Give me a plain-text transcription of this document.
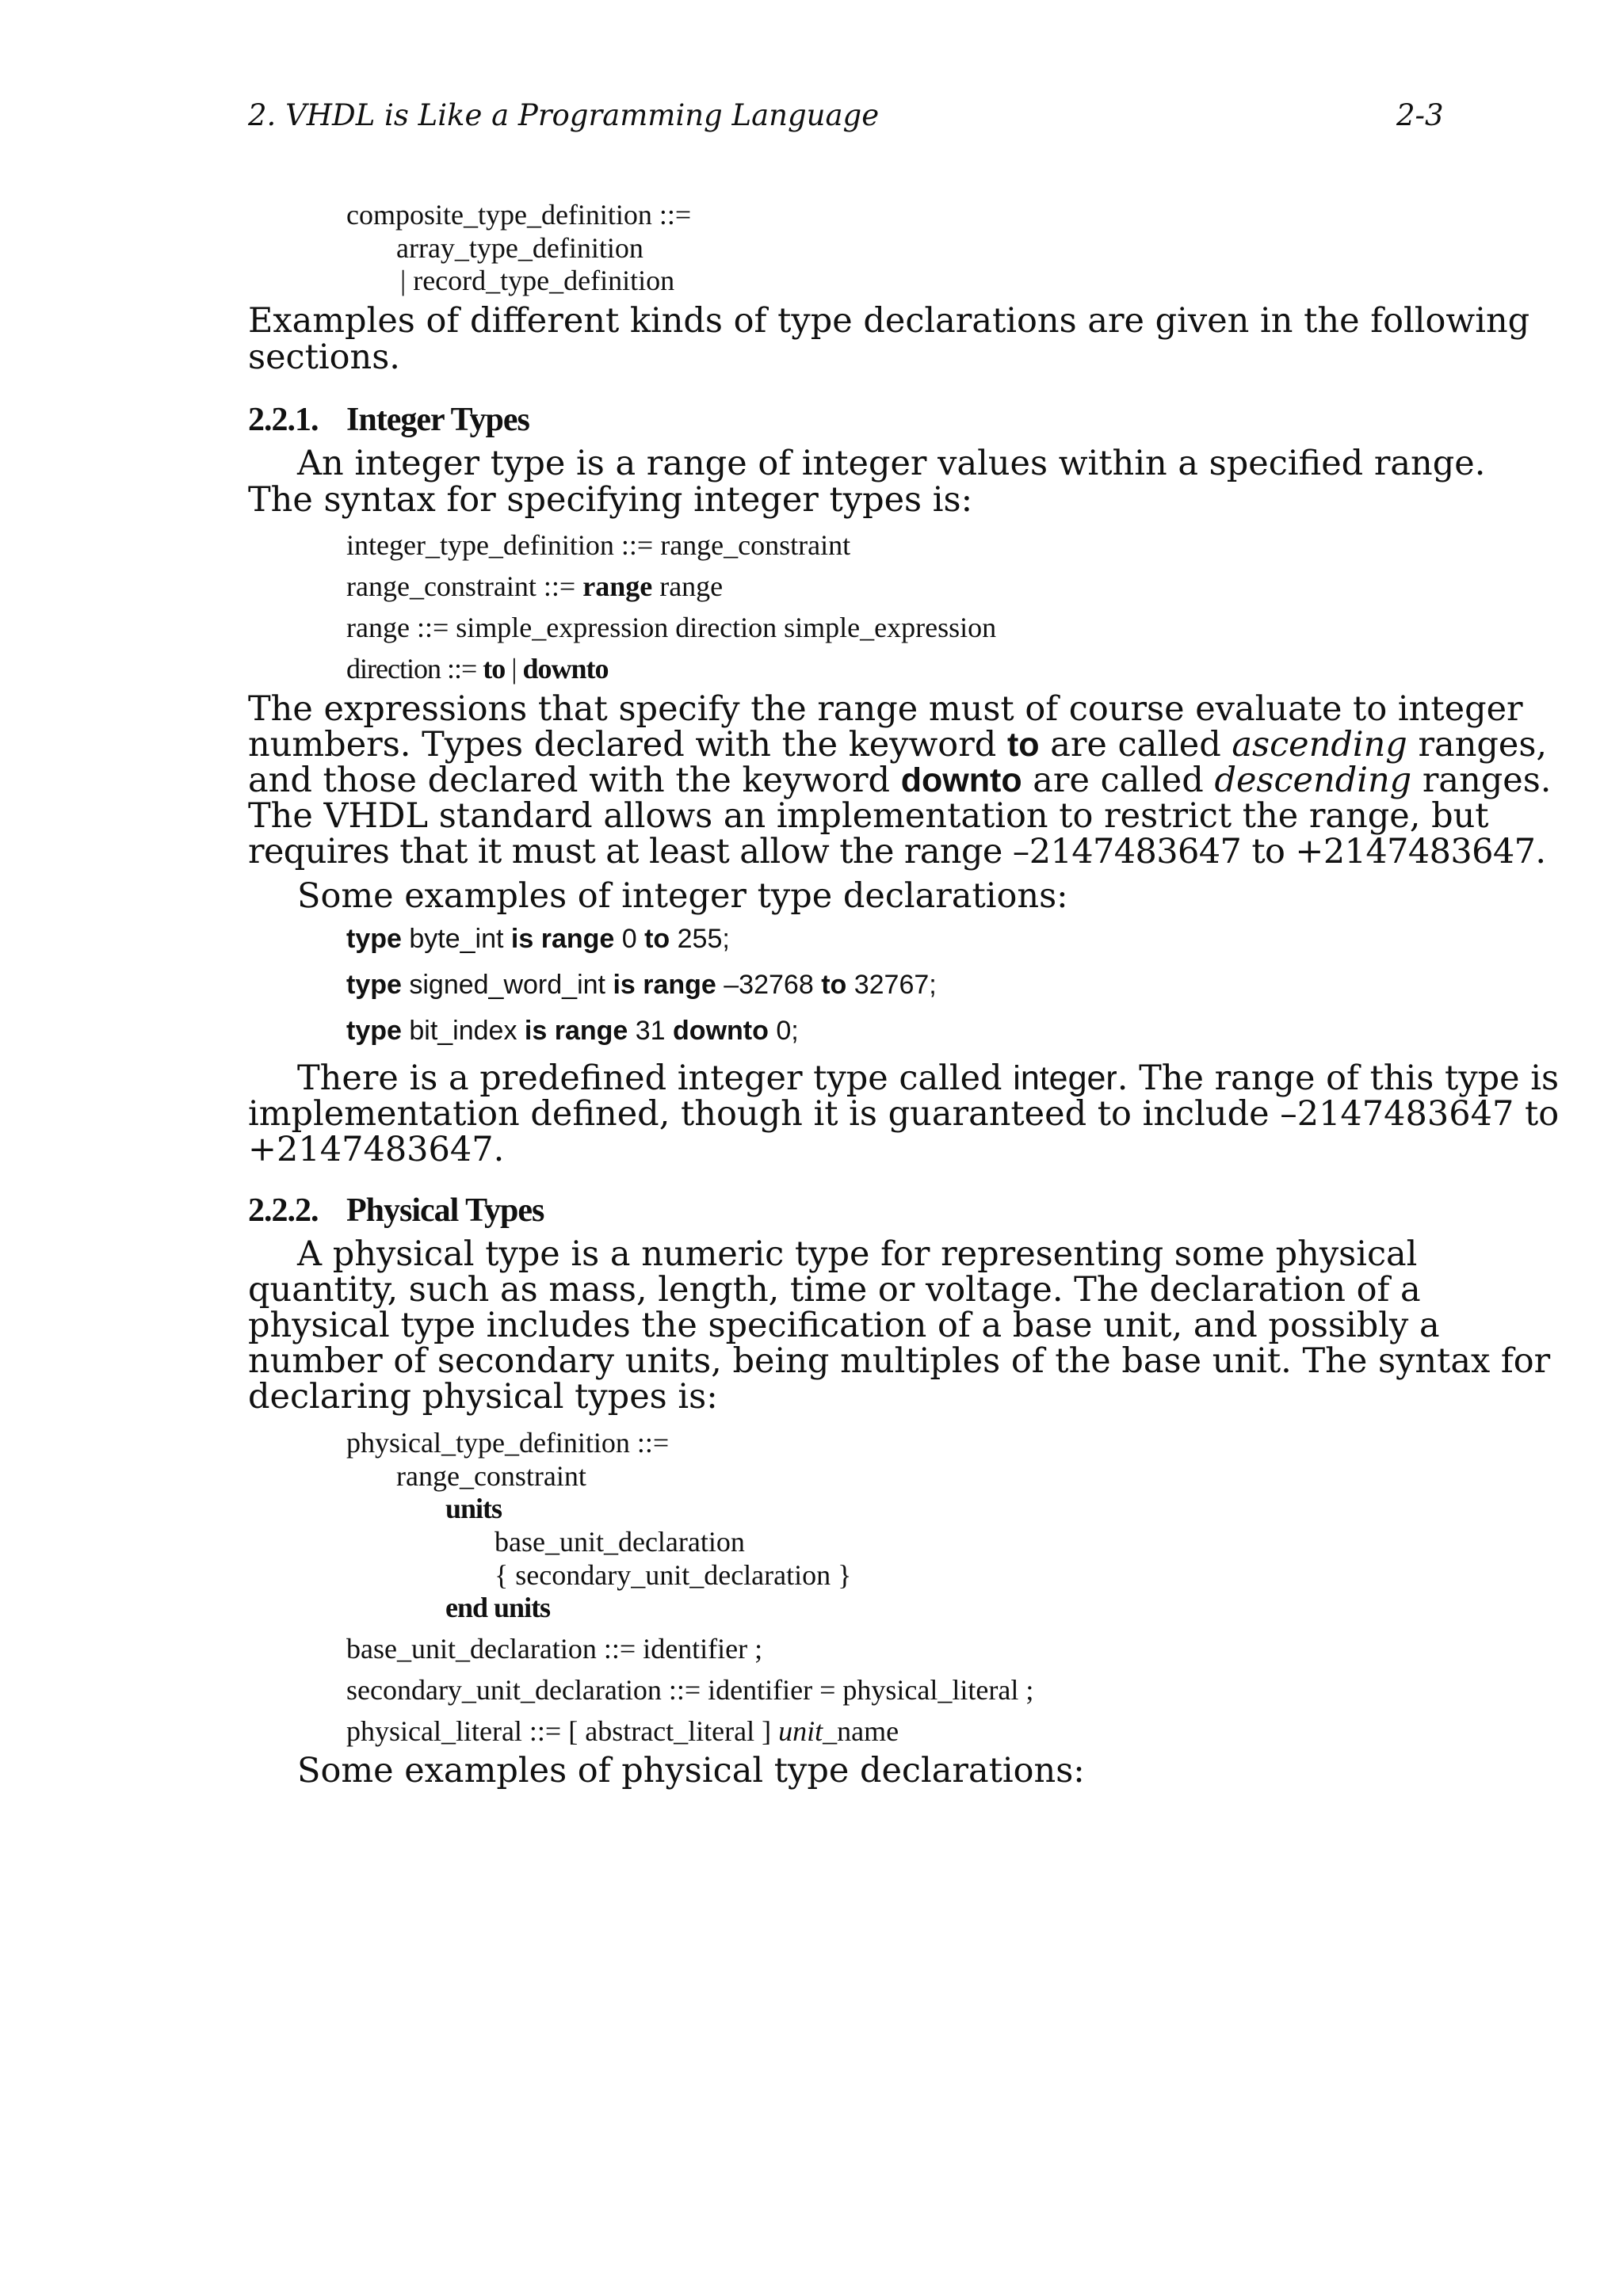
2. VHDL is Like a Programming Language	2-3
composite_type_definition ::=
array_type_definition
| record_type_definition
Examples of different kinds of type declarations are given in the following
sections.
2.2.1. Integer Types
An integer type is a range of integer values within a specified range.
The syntax for specifying integer types is:
integer_type_definition ::= range_constraint
range_constraint ::= range range
range ::= simple_expression direction simple_expression
direction ::= to | downto
The expressions that specify the range must of course evaluate to integer
numbers. Types declared with the keyword to are called ascending ranges,
and those declared with the keyword downto are called descending ranges.
The VHDL standard allows an implementation to restrict the range, but
requires that it must at least allow the range –2147483647 to +2147483647.
Some examples of integer type declarations:
type byte_int is range 0 to 255;
type signed_word_int is range –32768 to 32767;
type bit_index is range 31 downto 0;
There is a predefined integer type called integer. The range of this type is
implementation defined, though it is guaranteed to include –2147483647 to
+2147483647.
2.2.2. Physical Types
A physical type is a numeric type for representing some physical
quantity, such as mass, length, time or voltage. The declaration of a
physical type includes the specification of a base unit, and possibly a
number of secondary units, being multiples of the base unit. The syntax for
declaring physical types is:
physical_type_definition ::=
range_constraint
units
base_unit_declaration
{ secondary_unit_declaration }
end units
base_unit_declaration ::= identifier ;
secondary_unit_declaration ::= identifier = physical_literal ;
physical_literal ::= [ abstract_literal ] unit_name
Some examples of physical type declarations:
